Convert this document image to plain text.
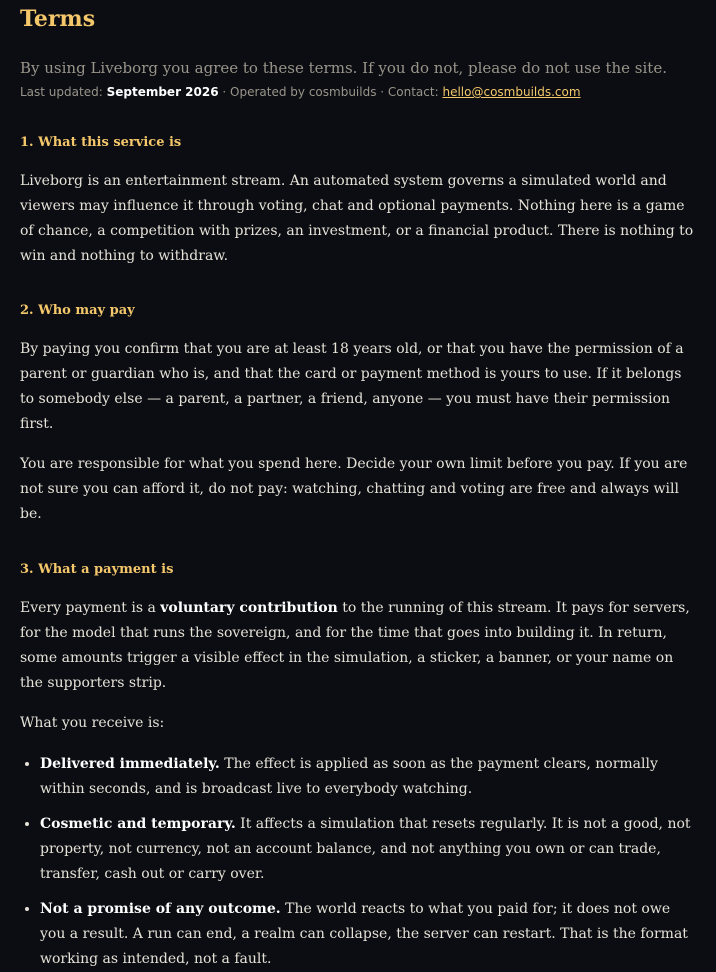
Terms

By using Liveborg you agree to these terms. If you do not, please do not use the site.

Last updated: September 2026 · Operated by cosmbuilds · Contact: hello@cosmbuilds.com

1. What this service is

Liveborg is an entertainment stream. An automated system governs a simulated world and viewers may influence it through voting, chat and optional payments. Nothing here is a game of chance, a competition with prizes, an investment, or a financial product. There is nothing to win and nothing to withdraw.

2. Who may pay

By paying you confirm that you are at least 18 years old, or that you have the permission of a parent or guardian who is, and that the card or payment method is yours to use. If it belongs to somebody else — a parent, a partner, a friend, anyone — you must have their permission first.

You are responsible for what you spend here. Decide your own limit before you pay. If you are not sure you can afford it, do not pay: watching, chatting and voting are free and always will be.

3. What a payment is

Every payment is a voluntary contribution to the running of this stream. It pays for servers, for the model that runs the sovereign, and for the time that goes into building it. In return, some amounts trigger a visible effect in the simulation, a sticker, a banner, or your name on the supporters strip.

What you receive is:

• Delivered immediately. The effect is applied as soon as the payment clears, normally within seconds, and is broadcast live to everybody watching.
• Cosmetic and temporary. It affects a simulation that resets regularly. It is not a good, not property, not currency, not an account balance, and not anything you own or can trade, transfer, cash out or carry over.
• Not a promise of any outcome. The world reacts to what you paid for; it does not owe you a result. A run can end, a realm can collapse, the server can restart. That is the format working as intended, not a fault.
